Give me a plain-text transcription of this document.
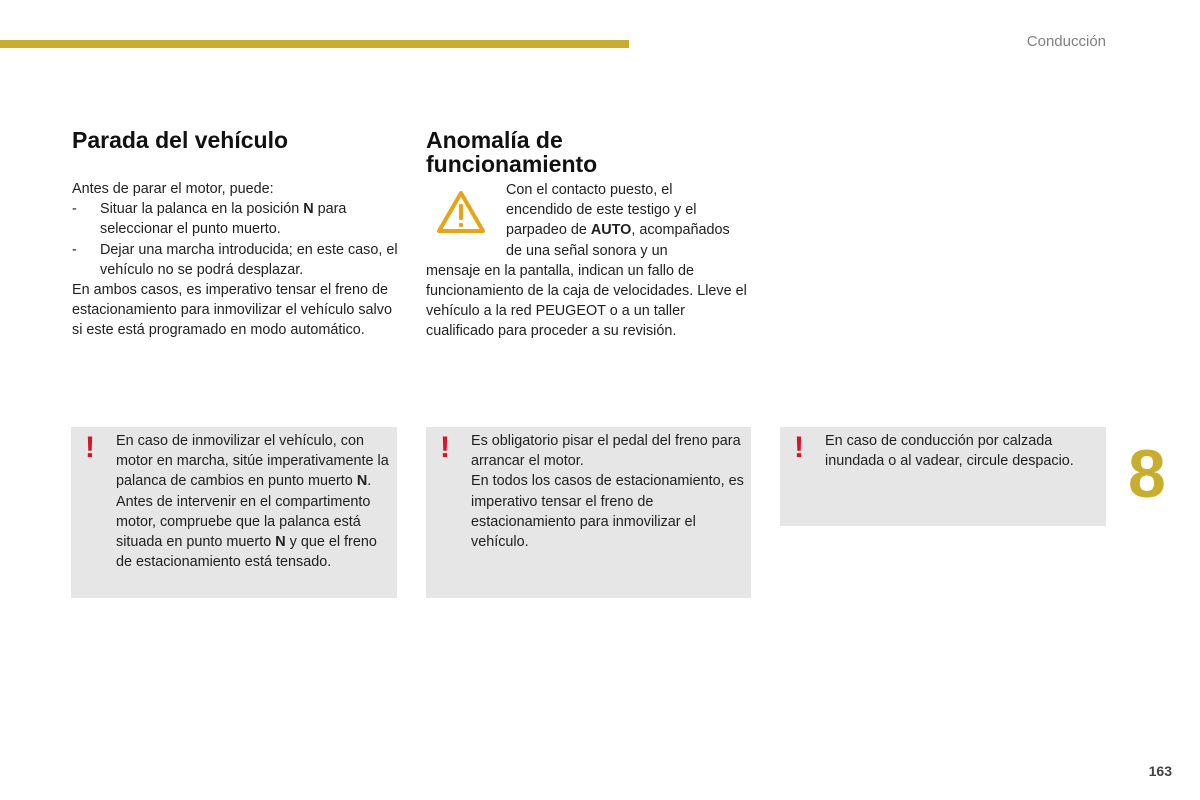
Conducción
8
163
Parada del vehículo

Antes de parar el motor, puede:

- Situar la palanca en la posición N para seleccionar el punto muerto.
- Dejar una marcha introducida; en este caso, el vehículo no se podrá desplazar.

En ambos casos, es imperativo tensar el freno de estacionamiento para inmovilizar el vehículo salvo si este está programado en modo automático.

Anomalía de
funcionamiento
Con el contacto puesto, el
encendido de este testigo y el
parpadeo de AUTO, acompañados
de una señal sonora y un

mensaje en la pantalla, indican un fallo de funcionamiento de la caja de velocidades. Lleve el vehículo a la red PEUGEOT o a un taller cualificado para proceder a su revisión.

! En caso de inmovilizar el vehículo, con motor en marcha, sitúe imperativamente la palanca de cambios en punto muerto N.

Antes de intervenir en el compartimento motor, compruebe que la palanca está situada en punto muerto N y que el freno de estacionamiento está tensado.

! Es obligatorio pisar el pedal del freno para arrancar el motor.

En todos los casos de estacionamiento, es imperativo tensar el freno de estacionamiento para inmovilizar el vehículo.

! En caso de conducción por calzada inundada o al vadear, circule despacio.
